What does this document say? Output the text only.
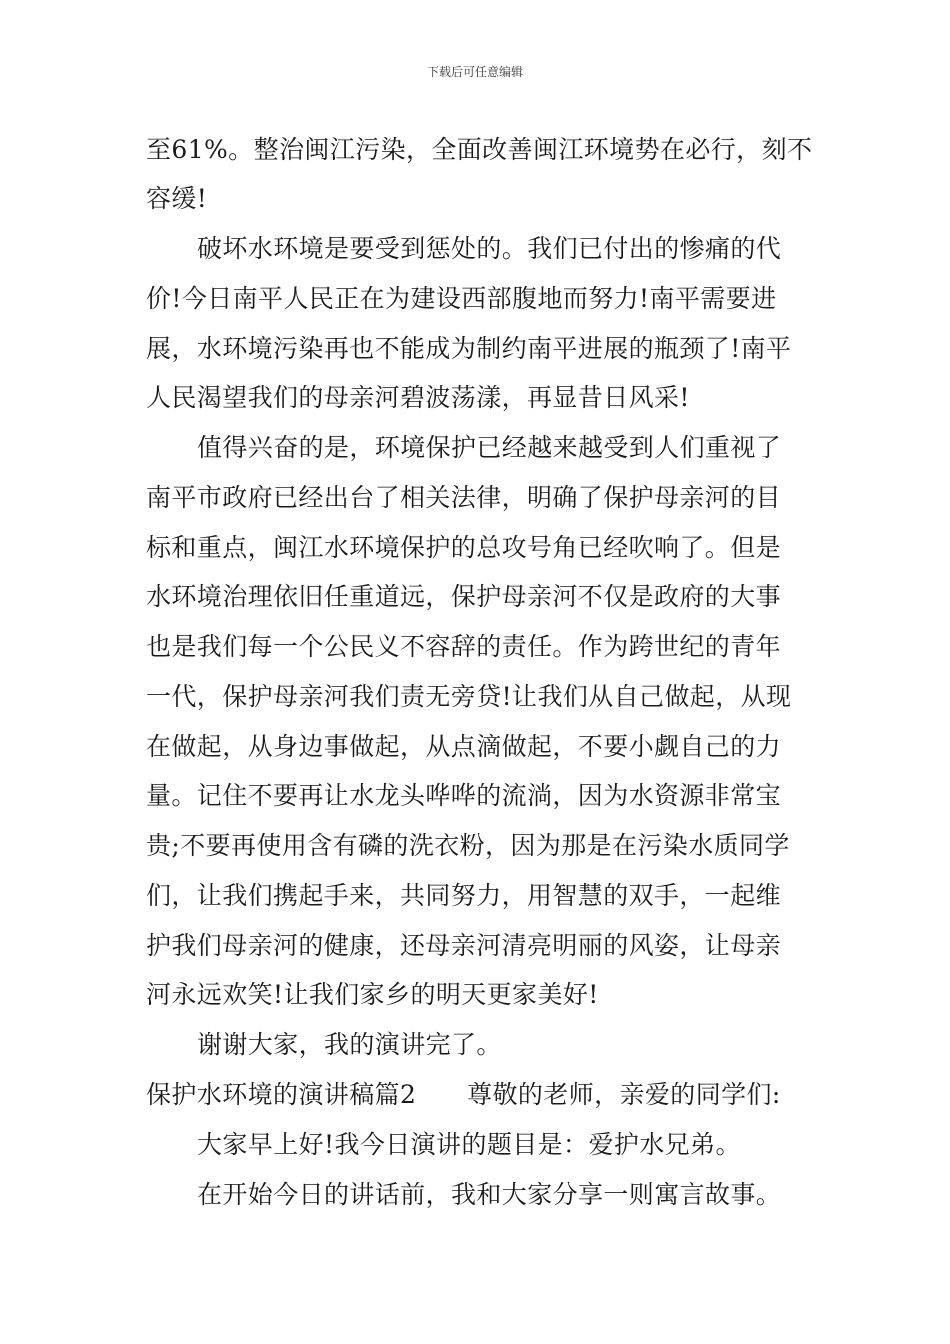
下载后可任意编辑
至61%。整治闽江污染，全面改善闽江环境势在必行，刻不
容缓!
破坏水环境是要受到惩处的。我们已付出的惨痛的代
价!今日南平人民正在为建设西部腹地而努力!南平需要进
展，水环境污染再也不能成为制约南平进展的瓶颈了!南平
人民渴望我们的母亲河碧波荡漾，再显昔日风采!
值得兴奋的是，环境保护已经越来越受到人们重视了
南平市政府已经出台了相关法律，明确了保护母亲河的目
标和重点，闽江水环境保护的总攻号角已经吹响了。但是
水环境治理依旧任重道远，保护母亲河不仅是政府的大事
也是我们每一个公民义不容辞的责任。作为跨世纪的青年
一代，保护母亲河我们责无旁贷!让我们从自己做起，从现
在做起，从身边事做起，从点滴做起，不要小觑自己的力
量。记住不要再让水龙头哗哗的流淌，因为水资源非常宝
贵;不要再使用含有磷的洗衣粉，因为那是在污染水质同学
们，让我们携起手来，共同努力，用智慧的双手，一起维
护我们母亲河的健康，还母亲河清亮明丽的风姿，让母亲
河永远欢笑!让我们家乡的明天更家美好!
谢谢大家，我的演讲完了。
保护水环境的演讲稿篇2　　尊敬的老师，亲爱的同学们:
大家早上好!我今日演讲的题目是：爱护水兄弟。
在开始今日的讲话前，我和大家分享一则寓言故事。
